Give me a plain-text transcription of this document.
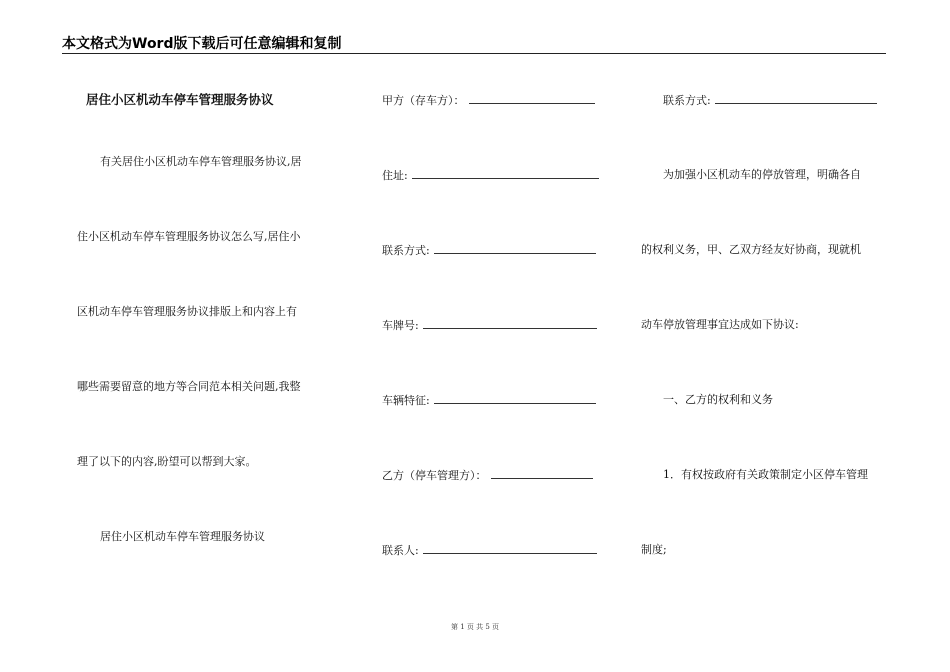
本文格式为Word版下载后可任意编辑和复制
居住小区机动车停车管理服务协议
有关居住小区机动车停车管理服务协议,居
住小区机动车停车管理服务协议怎么写,居住小
区机动车停车管理服务协议排版上和内容上有
哪些需要留意的地方等合同范本相关问题,我整
理了以下的内容,盼望可以帮到大家。
居住小区机动车停车管理服务协议
甲方（存车方）：
住址:
联系方式:
车牌号:
车辆特征:
乙方（停车管理方）：
联系人:
联系方式:
为加强小区机动车的停放管理，明确各自
的权利义务，甲、乙双方经友好协商，现就机
动车停放管理事宜达成如下协议:
一、乙方的权利和义务
1．有权按政府有关政策制定小区停车管理
制度;
第 1 页 共 5 页
